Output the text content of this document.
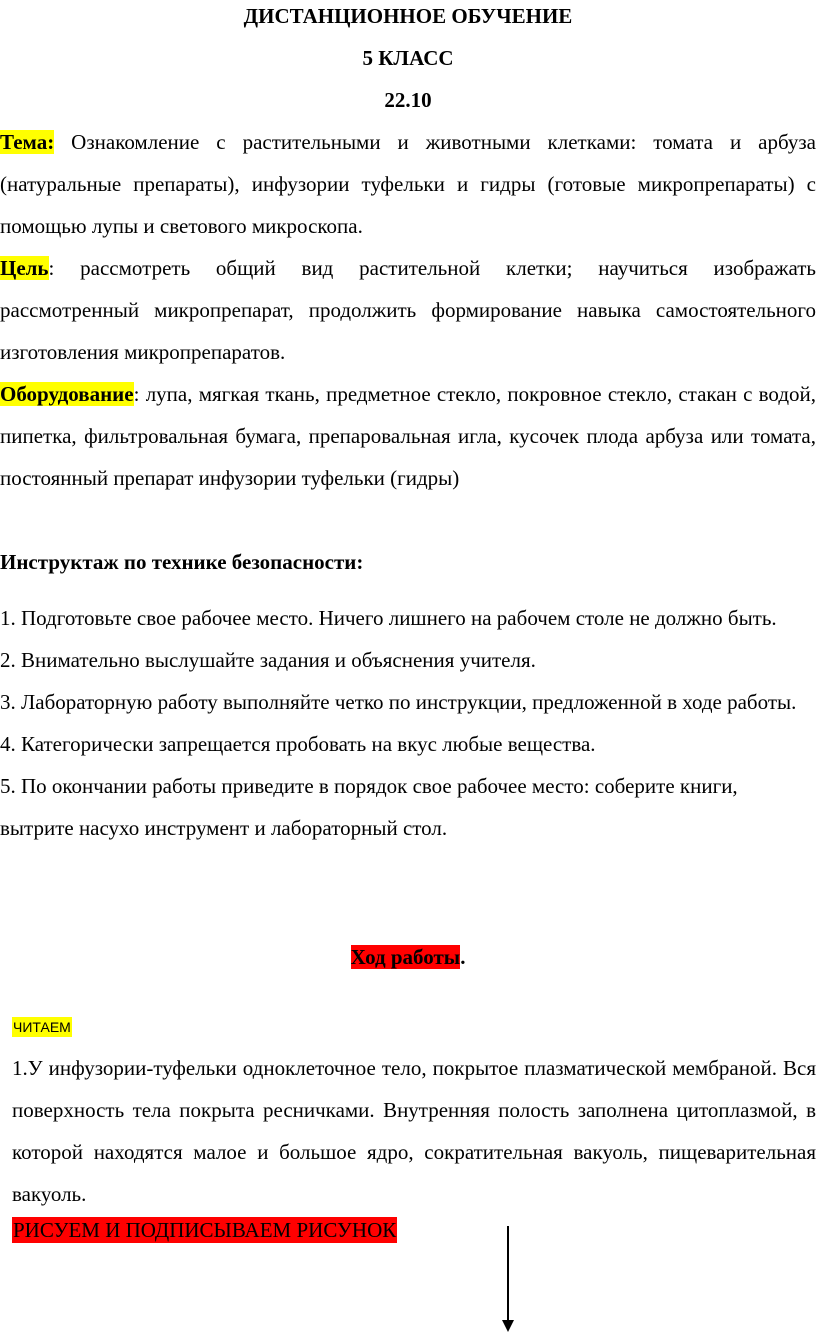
ДИСТАНЦИОННОЕ ОБУЧЕНИЕ
5 КЛАСС
22.10
Тема: Ознакомление с растительными и животными клетками: томата и арбуза (натуральные препараты), инфузории туфельки и гидры (готовые микропрепараты) с помощью лупы и светового микроскопа.
Цель: рассмотреть общий вид растительной клетки; научиться изображать рассмотренный микропрепарат, продолжить формирование навыка самостоятельного изготовления микропрепаратов.
Оборудование: лупа, мягкая ткань, предметное стекло, покровное стекло, стакан с водой, пипетка, фильтровальная бумага, препаровальная игла, кусочек плода арбуза или томата, постоянный препарат инфузории туфельки (гидры)
Инструктаж по технике безопасности:
1. Подготовьте свое рабочее место. Ничего лишнего на рабочем столе не должно быть.
2. Внимательно выслушайте задания и объяснения учителя.
3. Лабораторную работу выполняйте четко по инструкции, предложенной в ходе работы.
4. Категорически запрещается пробовать на вкус любые вещества.
5. По окончании работы приведите в порядок свое рабочее место: соберите книги, вытрите насухо инструмент и лабораторный стол.
Ход работы.
ЧИТАЕМ
1.У инфузории-туфельки одноклеточное тело, покрытое плазматической мембраной. Вся поверхность тела покрыта ресничками. Внутренняя полость заполнена цитоплазмой, в которой находятся малое и большое ядро, сократительная вакуоль, пищеварительная вакуоль.
РИСУЕМ И ПОДПИСЫВАЕМ РИСУНОК
